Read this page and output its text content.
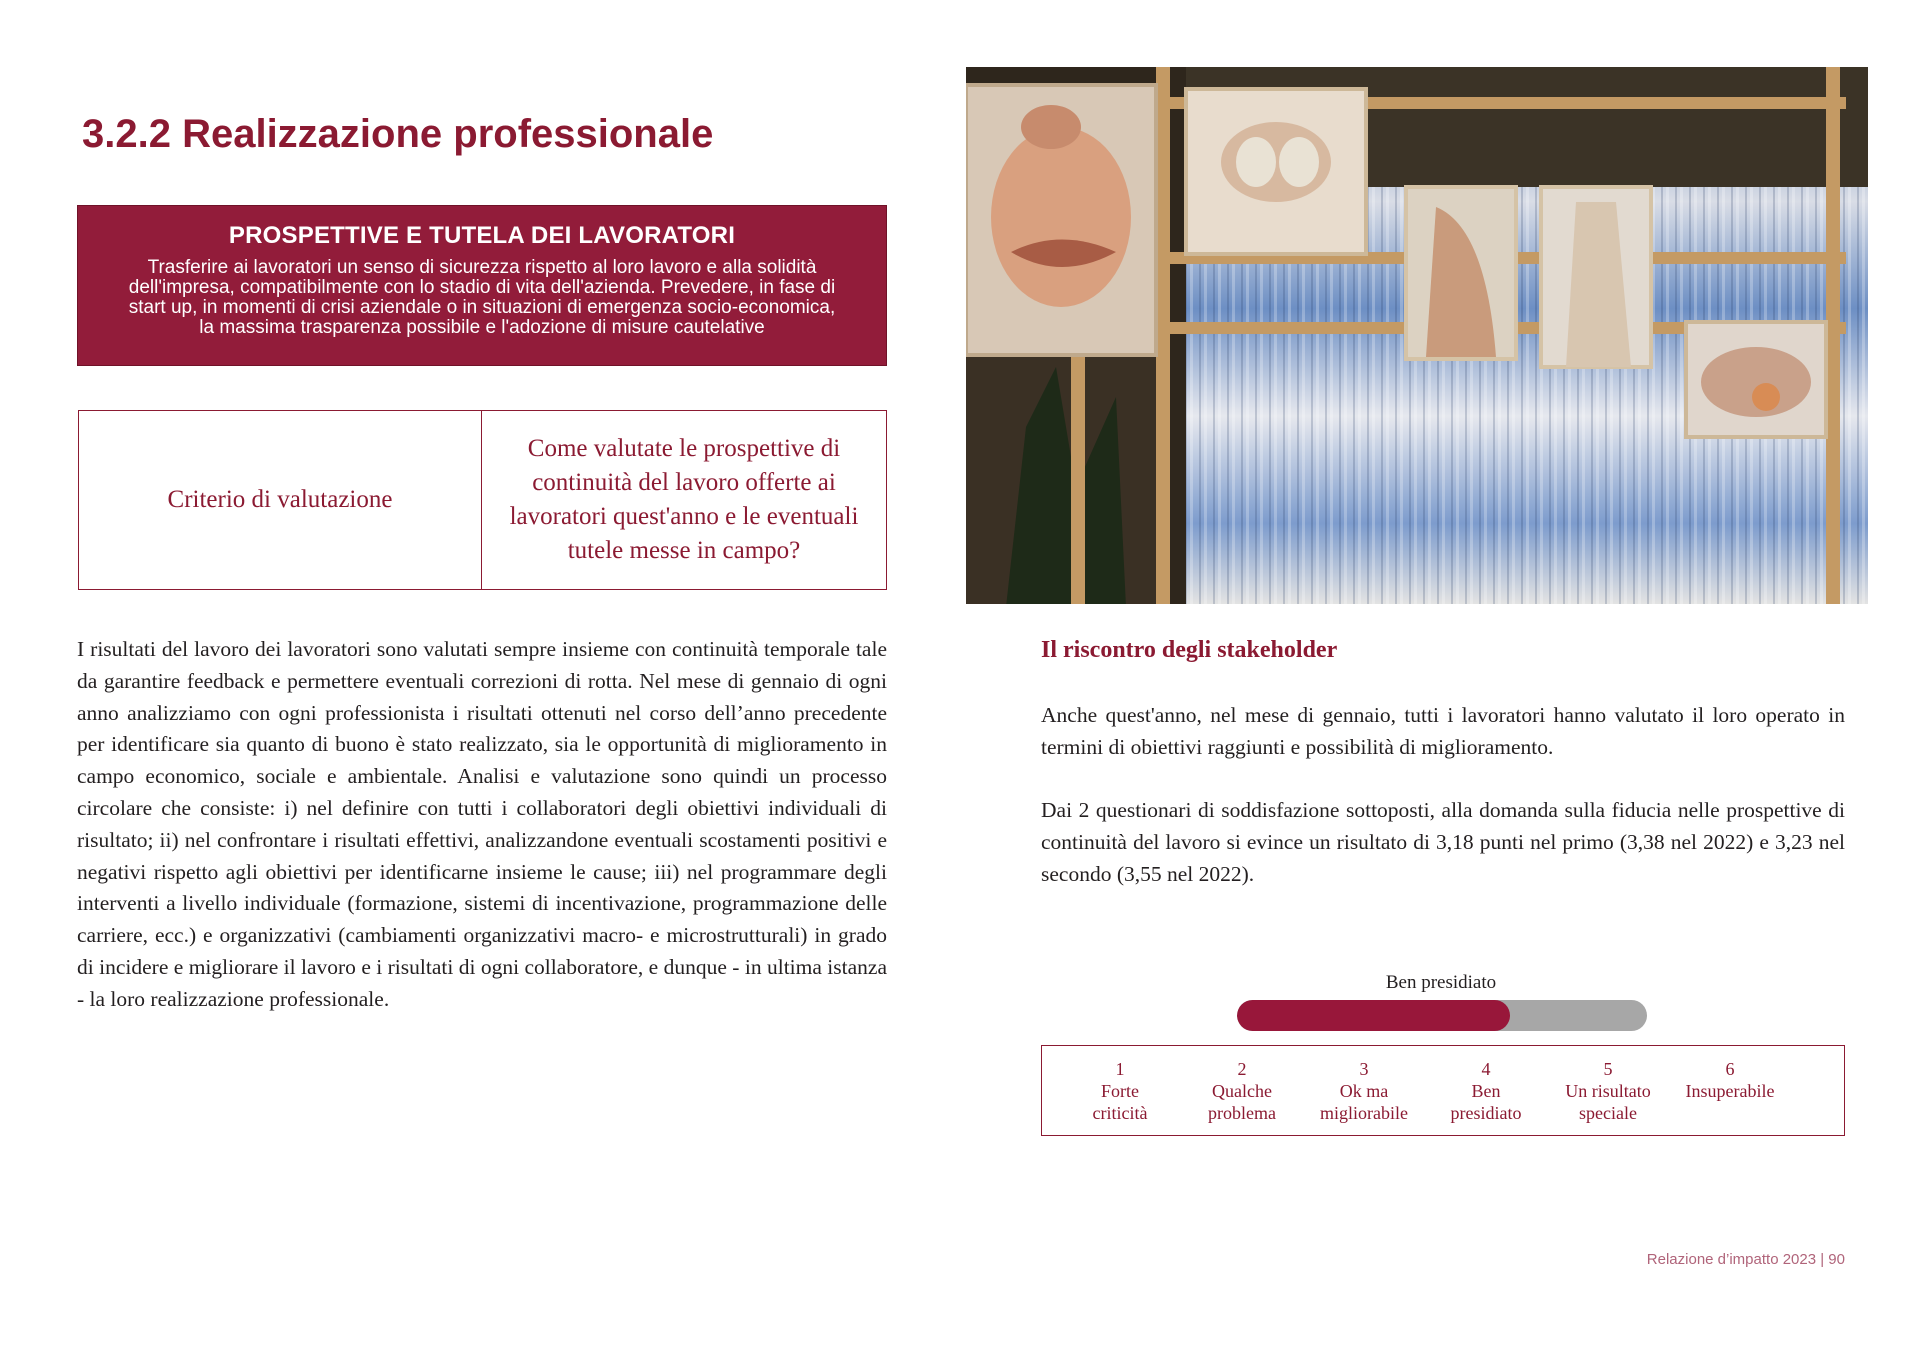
3.2.2 Realizzazione professionale
PROSPETTIVE E TUTELA DEI LAVORATORI
Trasferire ai lavoratori un senso di sicurezza rispetto al loro lavoro e alla solidità dell'impresa, compatibilmente con lo stadio di vita dell'azienda. Prevedere, in fase di start up, in momenti di crisi aziendale o in situazioni di emergenza socio-economica, la massima trasparenza possibile e l'adozione di misure cautelative
Criterio di valutazione
Come valutate le prospettive di continuità del lavoro offerte ai lavoratori quest'anno e le eventuali tutele messe in campo?

I risultati del lavoro dei lavoratori sono valutati sempre insieme con continuità temporale tale da garantire feedback e permettere eventuali correzioni di rotta. Nel mese di gennaio di ogni anno analizziamo con ogni professionista i risultati ottenuti nel corso dell’anno precedente per identificare sia quanto di buono è stato realizzato, sia le opportunità di miglioramento in campo economico, sociale e ambientale. Analisi e valutazione sono quindi un processo circolare che consiste: i) nel definire con tutti i collaboratori degli obiettivi individuali di risultato; ii) nel confrontare i risultati effettivi, analizzandone eventuali scostamenti positivi e negativi rispetto agli obiettivi per identificarne insieme le cause; iii) nel programmare degli interventi a livello individuale (formazione, sistemi di incentivazione, programmazione delle carriere, ecc.) e organizzativi (cambiamenti organizzativi macro- e microstrutturali) in grado di incidere e migliorare il lavoro e i risultati di ogni collaboratore, e dunque - in ultima istanza - la loro realizzazione professionale.

Il riscontro degli stakeholder

Anche quest'anno, nel mese di gennaio, tutti i lavoratori hanno valutato il loro operato in termini di obiettivi raggiunti e possibilità di miglioramento.

Dai 2 questionari di soddisfazione sottoposti, alla domanda sulla fiducia nelle prospettive di continuità del lavoro si evince un risultato di 3,18 punti nel primo (3,38 nel 2022) e 3,23 nel secondo (3,55 nel 2022).

Ben presidiato
1
Forte
criticità
2
Qualche
problema
3
Ok ma
migliorabile
4
Ben
presidiato
5
Un risultato
speciale
6
Insuperabile
Relazione d’impatto 2023 | 90
